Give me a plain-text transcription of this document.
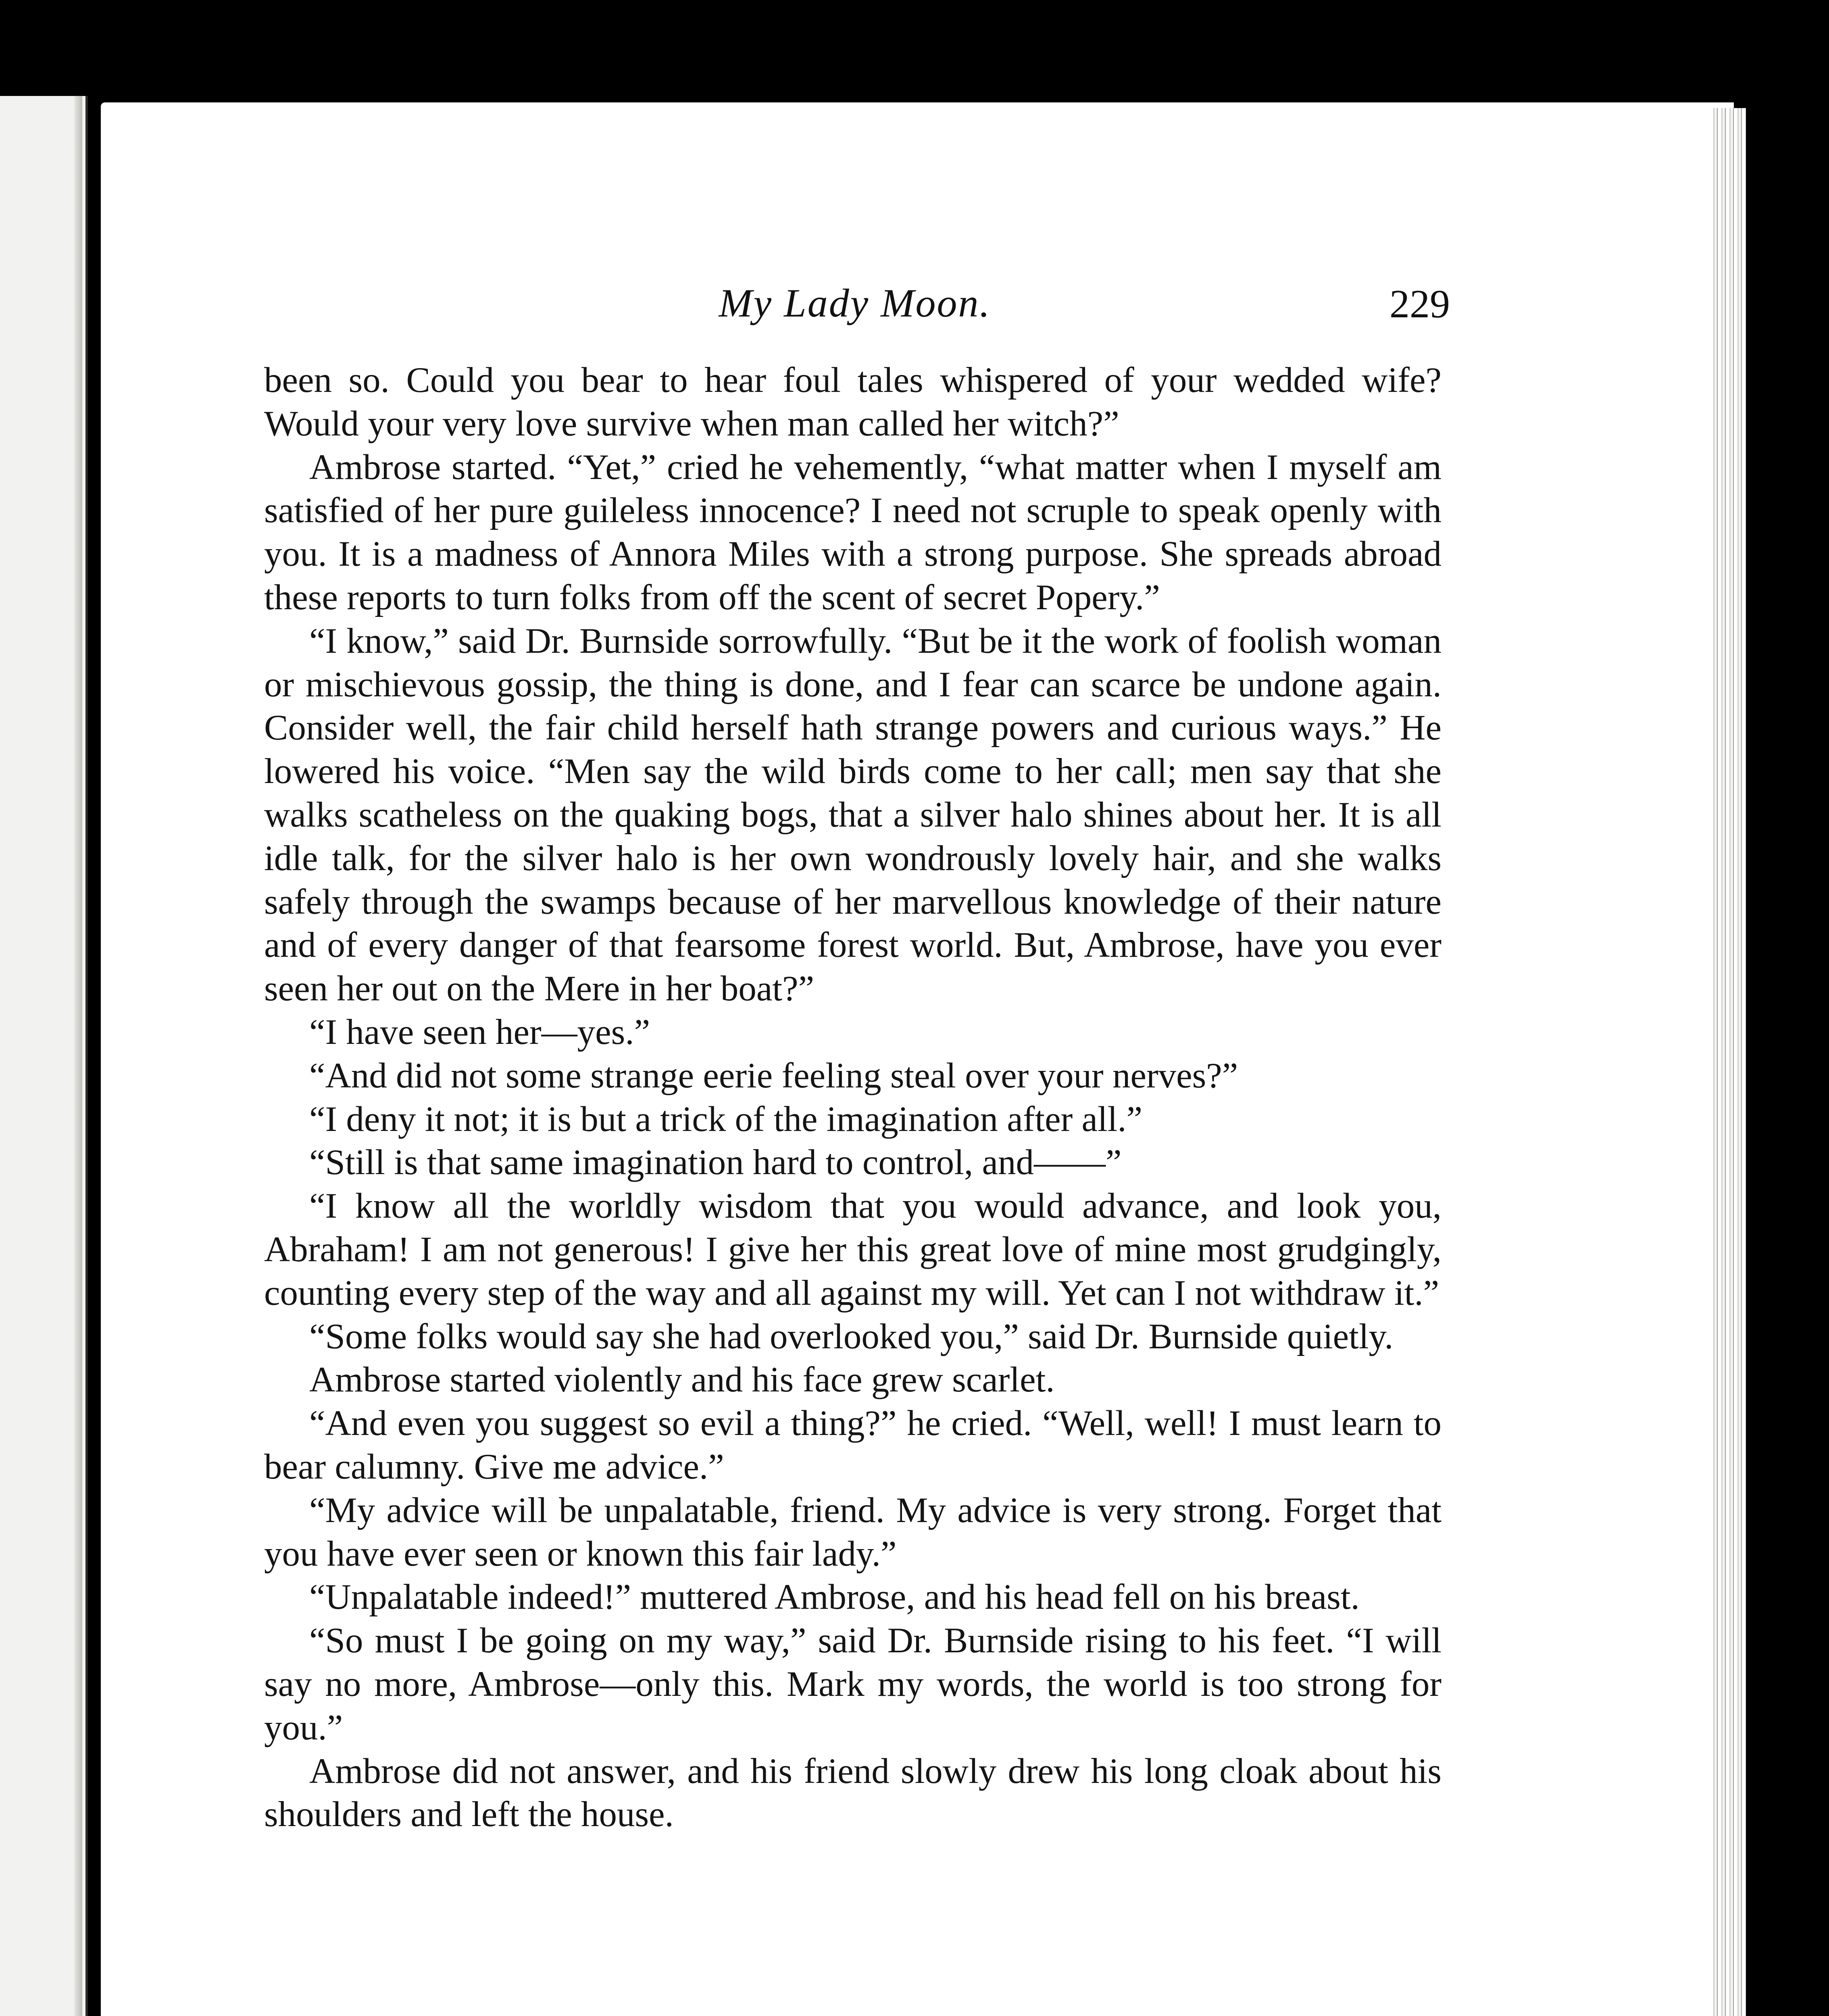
My Lady Moon.	229

been so. Could you bear to hear foul tales whispered of your wedded wife? Would your very love survive when man called her witch?”

Ambrose started. “Yet,” cried he vehemently, “what matter when I myself am satisfied of her pure guileless innocence? I need not scruple to speak openly with you. It is a madness of Annora Miles with a strong purpose. She spreads abroad these reports to turn folks from off the scent of secret Popery.”

“I know,” said Dr. Burnside sorrowfully. “But be it the work of foolish woman or mischievous gossip, the thing is done, and I fear can scarce be undone again. Consider well, the fair child herself hath strange powers and curious ways.” He lowered his voice. “Men say the wild birds come to her call; men say that she walks scatheless on the quaking bogs, that a silver halo shines about her. It is all idle talk, for the silver halo is her own wondrously lovely hair, and she walks safely through the swamps because of her marvellous knowledge of their nature and of every danger of that fearsome forest world. But, Ambrose, have you ever seen her out on the Mere in her boat?”

“I have seen her—yes.”

“And did not some strange eerie feeling steal over your nerves?”

“I deny it not; it is but a trick of the imagination after all.”

“Still is that same imagination hard to control, and——”

“I know all the worldly wisdom that you would advance, and look you, Abraham! I am not generous! I give her this great love of mine most grudgingly, counting every step of the way and all against my will. Yet can I not withdraw it.”

“Some folks would say she had overlooked you,” said Dr. Burnside quietly.

Ambrose started violently and his face grew scarlet.

“And even you suggest so evil a thing?” he cried. “Well, well! I must learn to bear calumny. Give me advice.”

“My advice will be unpalatable, friend. My advice is very strong. Forget that you have ever seen or known this fair lady.”

“Unpalatable indeed!” muttered Ambrose, and his head fell on his breast.

“So must I be going on my way,” said Dr. Burnside rising to his feet. “I will say no more, Ambrose—only this. Mark my words, the world is too strong for you.”

Ambrose did not answer, and his friend slowly drew his long cloak about his shoulders and left the house.
